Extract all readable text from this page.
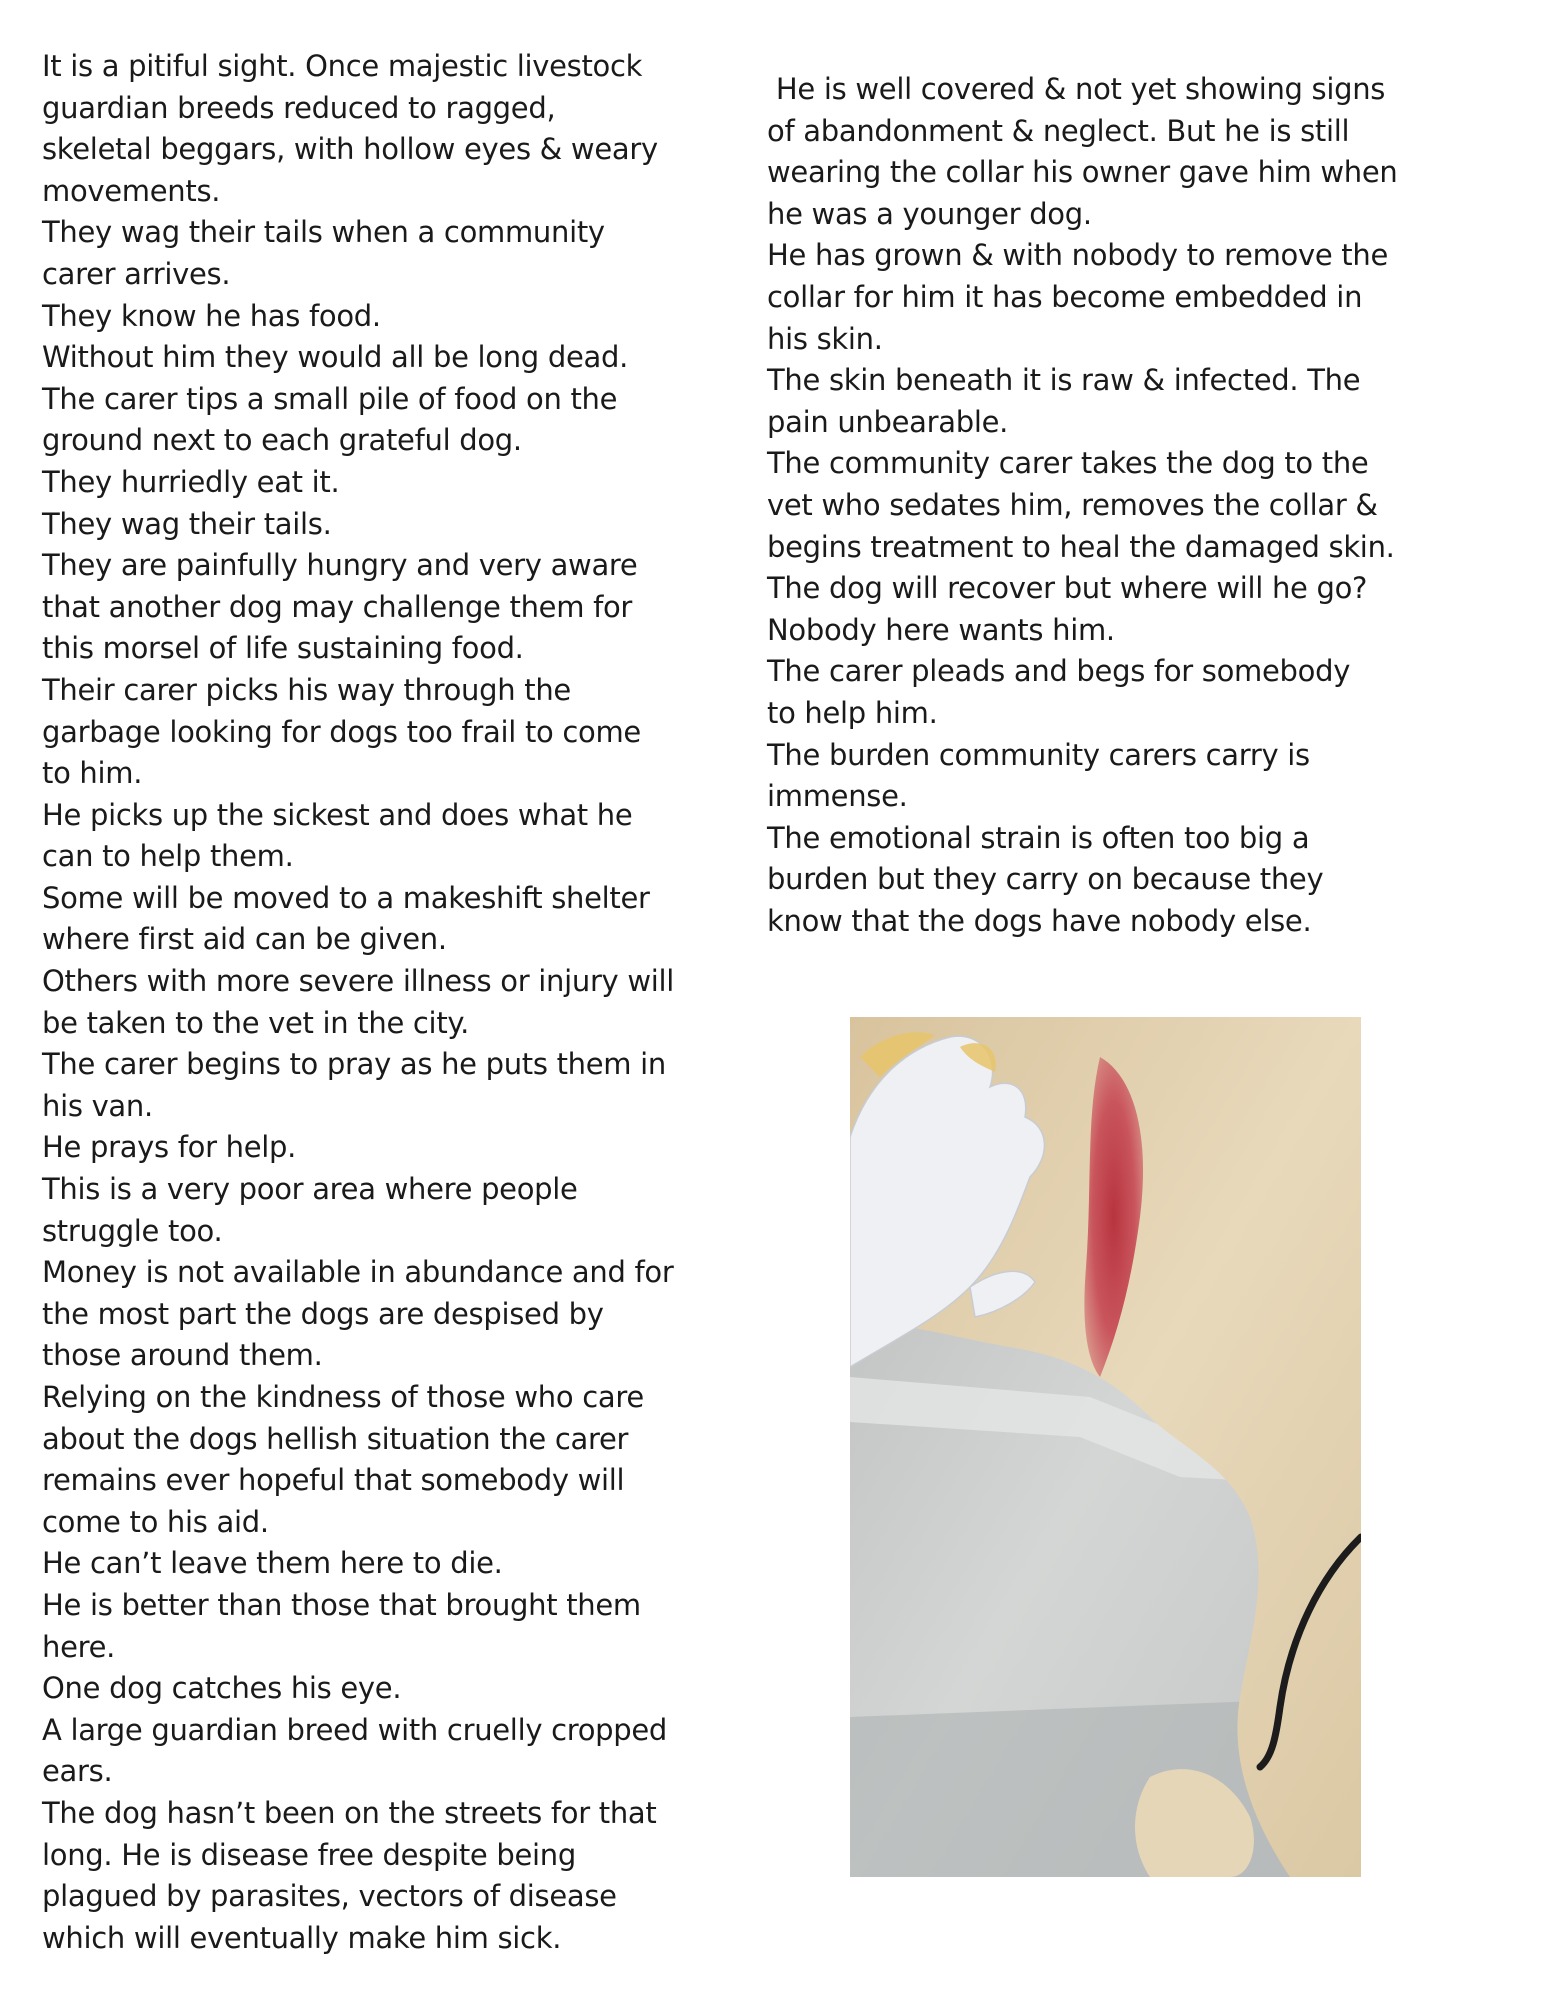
It is a pitiful sight. Once majestic livestock

guardian breeds reduced to ragged,

skeletal beggars, with hollow eyes & weary

movements.

They wag their tails when a community

carer arrives.

They know he has food.

Without him they would all be long dead.

The carer tips a small pile of food on the

ground next to each grateful dog.

They hurriedly eat it.

They wag their tails.

They are painfully hungry and very aware

that another dog may challenge them for

this morsel of life sustaining food.

Their carer picks his way through the

garbage looking for dogs too frail to come

to him.

He picks up the sickest and does what he

can to help them.

Some will be moved to a makeshift shelter

where first aid can be given.

Others with more severe illness or injury will

be taken to the vet in the city.

The carer begins to pray as he puts them in

his van.

He prays for help.

This is a very poor area where people

struggle too.

Money is not available in abundance and for

the most part the dogs are despised by

those around them.

Relying on the kindness of those who care

about the dogs hellish situation the carer

remains ever hopeful that somebody will

come to his aid.

He can’t leave them here to die.

He is better than those that brought them

here.

One dog catches his eye.

A large guardian breed with cruelly cropped

ears.

The dog hasn’t been on the streets for that

long. He is disease free despite being

plagued by parasites, vectors of disease

which will eventually make him sick.

He is well covered & not yet showing signs

of abandonment & neglect. But he is still

wearing the collar his owner gave him when

he was a younger dog.

He has grown & with nobody to remove the

collar for him it has become embedded in

his skin.

The skin beneath it is raw & infected. The

pain unbearable.

The community carer takes the dog to the

vet who sedates him, removes the collar &

begins treatment to heal the damaged skin.

The dog will recover but where will he go?

Nobody here wants him.

The carer pleads and begs for somebody

to help him.

The burden community carers carry is

immense.

The emotional strain is often too big a

burden but they carry on because they

know that the dogs have nobody else.
